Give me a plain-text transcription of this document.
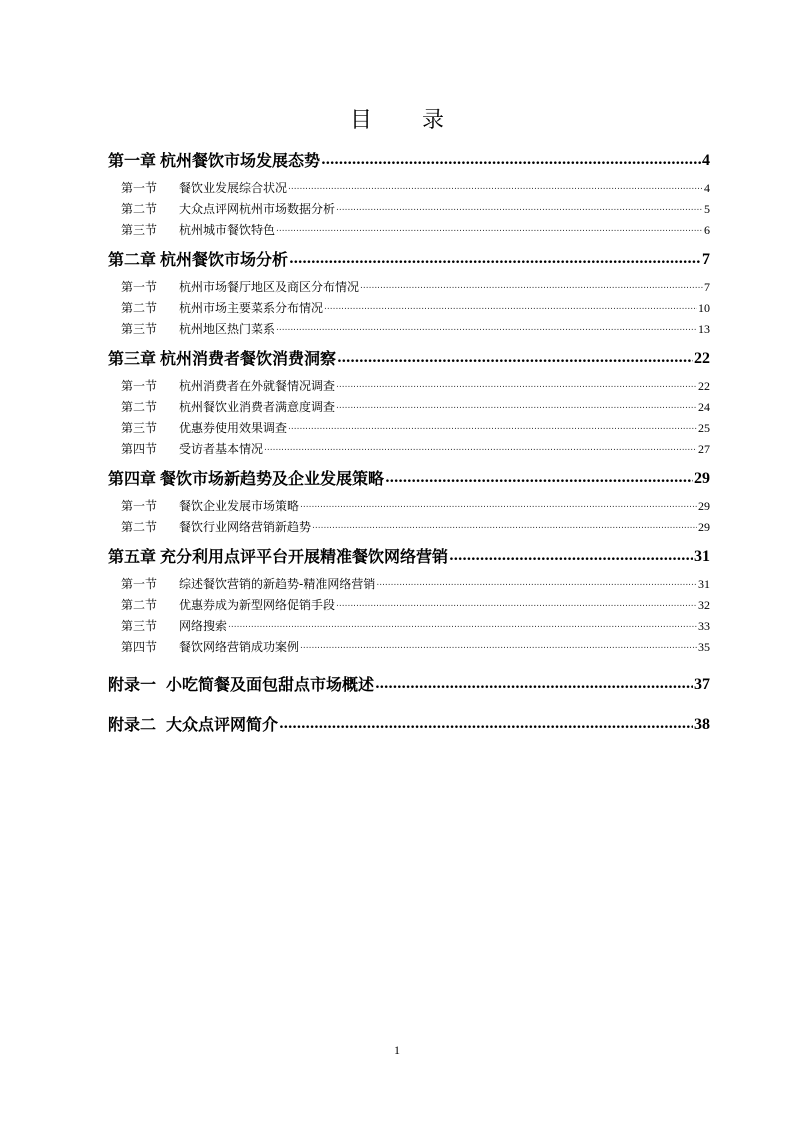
目　录
第一章 杭州餐饮市场发展态势 .....	4
第一节	餐饮业发展综合状况 .....	4
第二节	大众点评网杭州市场数据分析 .....	5
第三节	杭州城市餐饮特色 .....	6
第二章 杭州餐饮市场分析 .....	7
第一节	杭州市场餐厅地区及商区分布情况 .....	7
第二节	杭州市场主要菜系分布情况 .....	10
第三节	杭州地区热门菜系 .....	13
第三章 杭州消费者餐饮消费洞察 .....	22
第一节	杭州消费者在外就餐情况调查 .....	22
第二节	杭州餐饮业消费者满意度调查 .....	24
第三节	优惠券使用效果调查 .....	25
第四节	受访者基本情况 .....	27
第四章 餐饮市场新趋势及企业发展策略 .....	29
第一节	餐饮企业发展市场策略 .....	29
第二节	餐饮行业网络营销新趋势 .....	29
第五章 充分利用点评平台开展精准餐饮网络营销 .....	31
第一节	综述餐饮营销的新趋势-精准网络营销 .....	31
第二节	优惠券成为新型网络促销手段 .....	32
第三节	网络搜索 .....	33
第四节	餐饮网络营销成功案例 .....	35
附录一 小吃简餐及面包甜点市场概述 .....	37
附录二 大众点评网简介 .....	38
1
